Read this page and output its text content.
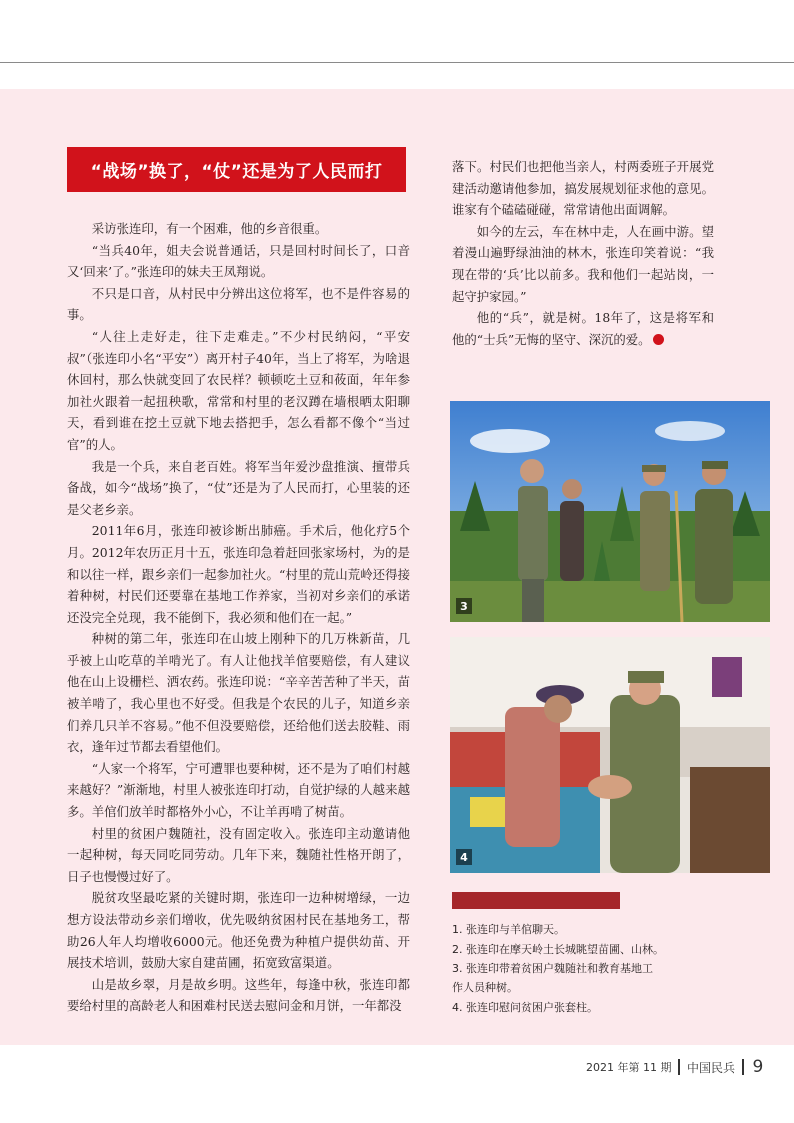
“战场”换了，“仗”还是为了人民而打

采访张连印，有一个困难，他的乡音很重。

“当兵40年，姐夫会说普通话，只是回村时间长了，口音又‘回来’了。”张连印的妹夫王凤翔说。

不只是口音，从村民中分辨出这位将军，也不是件容易的事。

“人往上走好走，往下走难走。”不少村民纳闷，“平安叔”（张连印小名“平安”）离开村子40年，当上了将军，为啥退休回村，那么快就变回了农民样？顿顿吃土豆和莜面，年年参加社火跟着一起扭秧歌，常常和村里的老汉蹲在墙根晒太阳聊天，看到谁在挖土豆就下地去搭把手，怎么看都不像个“当过官”的人。

我是一个兵，来自老百姓。将军当年爱沙盘推演、擅带兵备战，如今“战场”换了，“仗”还是为了人民而打，心里装的还是父老乡亲。

2011年6月，张连印被诊断出肺癌。手术后，他化疗5个月。2012年农历正月十五，张连印急着赶回张家场村，为的是和以往一样，跟乡亲们一起参加社火。“村里的荒山荒岭还得接着种树，村民们还要靠在基地工作养家，当初对乡亲们的承诺还没完全兑现，我不能倒下，我必须和他们在一起。”

种树的第二年，张连印在山坡上刚种下的几万株新苗，几乎被上山吃草的羊啃光了。有人让他找羊倌要赔偿，有人建议他在山上设栅栏、洒农药。张连印说：“辛辛苦苦种了半天，苗被羊啃了，我心里也不好受。但我是个农民的儿子，知道乡亲们养几只羊不容易。”他不但没要赔偿，还给他们送去胶鞋、雨衣，逢年过节都去看望他们。

“人家一个将军，宁可遭罪也要种树，还不是为了咱们村越来越好？”渐渐地，村里人被张连印打动，自觉护绿的人越来越多。羊倌们放羊时都格外小心，不让羊再啃了树苗。

村里的贫困户魏随社，没有固定收入。张连印主动邀请他一起种树，每天同吃同劳动。几年下来，魏随社性格开朗了，日子也慢慢过好了。

脱贫攻坚最吃紧的关键时期，张连印一边种树增绿，一边想方设法带动乡亲们增收，优先吸纳贫困村民在基地务工，帮助26人年人均增收6000元。他还免费为种植户提供幼苗、开展技术培训，鼓励大家自建苗圃，拓宽致富渠道。

山是故乡翠，月是故乡明。这些年，每逢中秋，张连印都要给村里的高龄老人和困难村民送去慰问金和月饼，一年都没

落下。村民们也把他当亲人，村两委班子开展党建活动邀请他参加，搞发展规划征求他的意见。谁家有个磕磕碰碰，常常请他出面调解。

如今的左云，车在林中走，人在画中游。望着漫山遍野绿油油的林木，张连印笑着说：“我现在带的‘兵’比以前多。我和他们一起站岗，一起守护家园。”

他的“兵”，就是树。18年了，这是将军和他的“士兵”无悔的坚守、深沉的爱。

3
4
1. 张连印与羊倌聊天。
2. 张连印在摩天岭土长城眺望苗圃、山林。
3. 张连印带着贫困户魏随社和教育基地工
作人员种树。
4. 张连印慰问贫困户张套柱。
2021 年第 11 期 中国民兵 9
